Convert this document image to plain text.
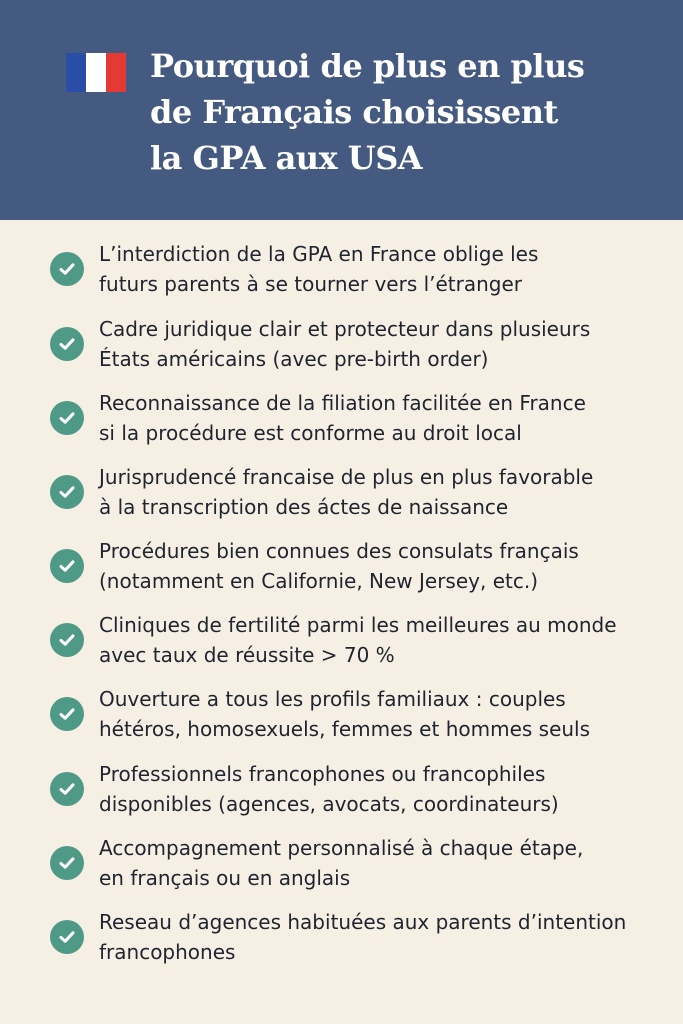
Pourquoi de plus en plus
de Français choisissent
la GPA aux USA
L’interdiction de la GPA en France oblige les
futurs parents à se tourner vers l’étranger
Cadre juridique clair et protecteur dans plusieurs
États américains (avec pre-birth order)
Reconnaissance de la filiation facilitée en France
si la procédure est conforme au droit local
Jurisprudencé francaise de plus en plus favorable
à la transcription des áctes de naissance
Procédures bien connues des consulats français
(notamment en Californie, New Jersey, etc.)
Cliniques de fertilité parmi les meilleures au monde
avec taux de réussite > 70 %
Ouverture a tous les profils familiaux : couples
hétéros, homosexuels, femmes et hommes seuls
Professionnels francophones ou francophiles
disponibles (agences, avocats, coordinateurs)
Accompagnement personnalisé à chaque étape,
en français ou en anglais
Reseau d’agences habituées aux parents d’intention
francophones
